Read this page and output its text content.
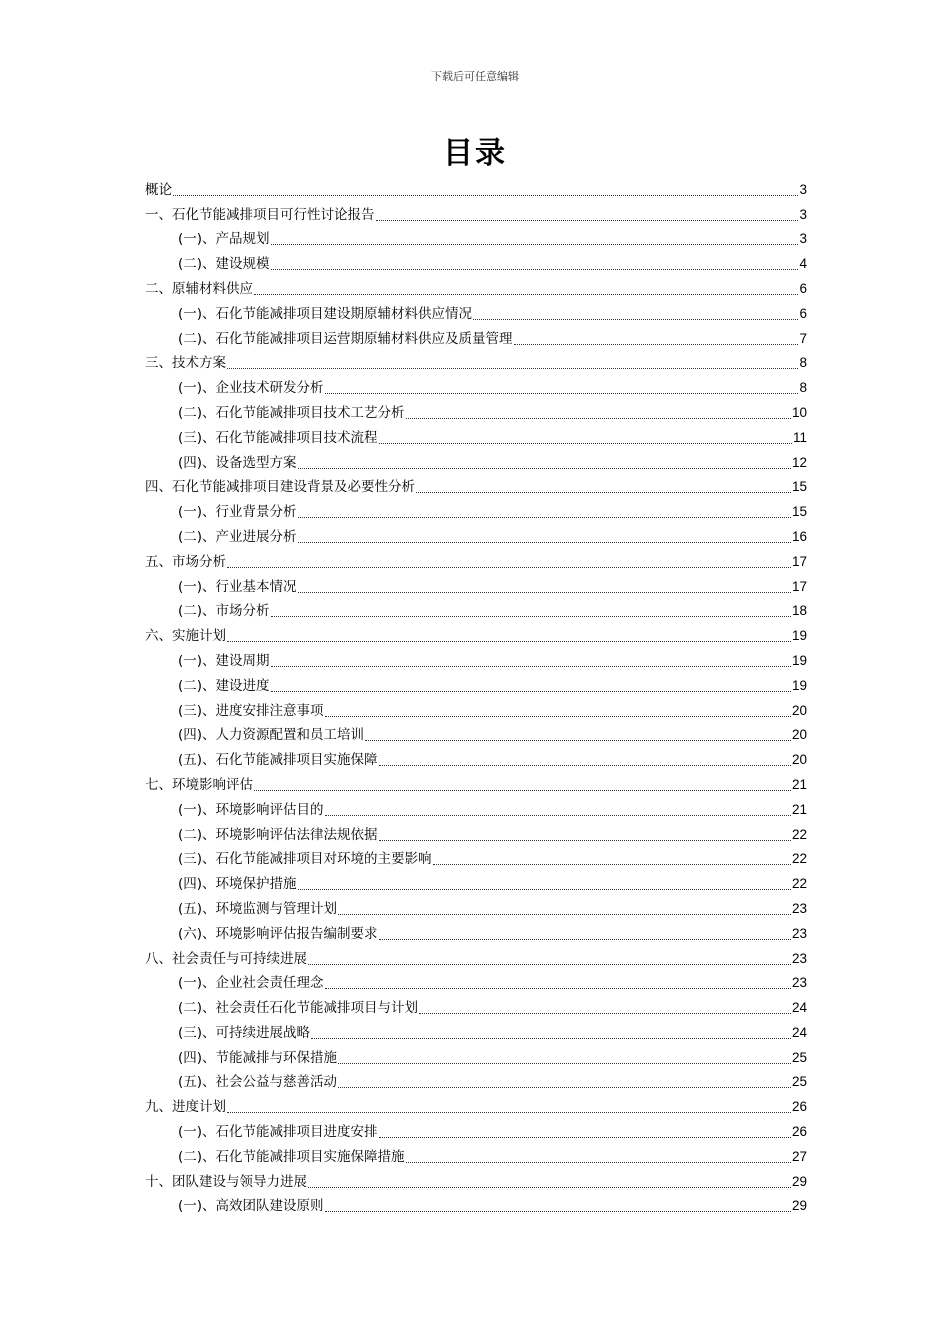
下载后可任意编辑
目录
概论	3
一、石化节能减排项目可行性讨论报告	3
(一)、产品规划	3
(二)、建设规模	4
二、原辅材料供应	6
(一)、石化节能减排项目建设期原辅材料供应情况	6
(二)、石化节能减排项目运营期原辅材料供应及质量管理	7
三、技术方案	8
(一)、企业技术研发分析	8
(二)、石化节能减排项目技术工艺分析	10
(三)、石化节能减排项目技术流程	11
(四)、设备选型方案	12
四、石化节能减排项目建设背景及必要性分析	15
(一)、行业背景分析	15
(二)、产业进展分析	16
五、市场分析	17
(一)、行业基本情况	17
(二)、市场分析	18
六、实施计划	19
(一)、建设周期	19
(二)、建设进度	19
(三)、进度安排注意事项	20
(四)、人力资源配置和员工培训	20
(五)、石化节能减排项目实施保障	20
七、环境影响评估	21
(一)、环境影响评估目的	21
(二)、环境影响评估法律法规依据	22
(三)、石化节能减排项目对环境的主要影响	22
(四)、环境保护措施	22
(五)、环境监测与管理计划	23
(六)、环境影响评估报告编制要求	23
八、社会责任与可持续进展	23
(一)、企业社会责任理念	23
(二)、社会责任石化节能减排项目与计划	24
(三)、可持续进展战略	24
(四)、节能减排与环保措施	25
(五)、社会公益与慈善活动	25
九、进度计划	26
(一)、石化节能减排项目进度安排	26
(二)、石化节能减排项目实施保障措施	27
十、团队建设与领导力进展	29
(一)、高效团队建设原则	29
